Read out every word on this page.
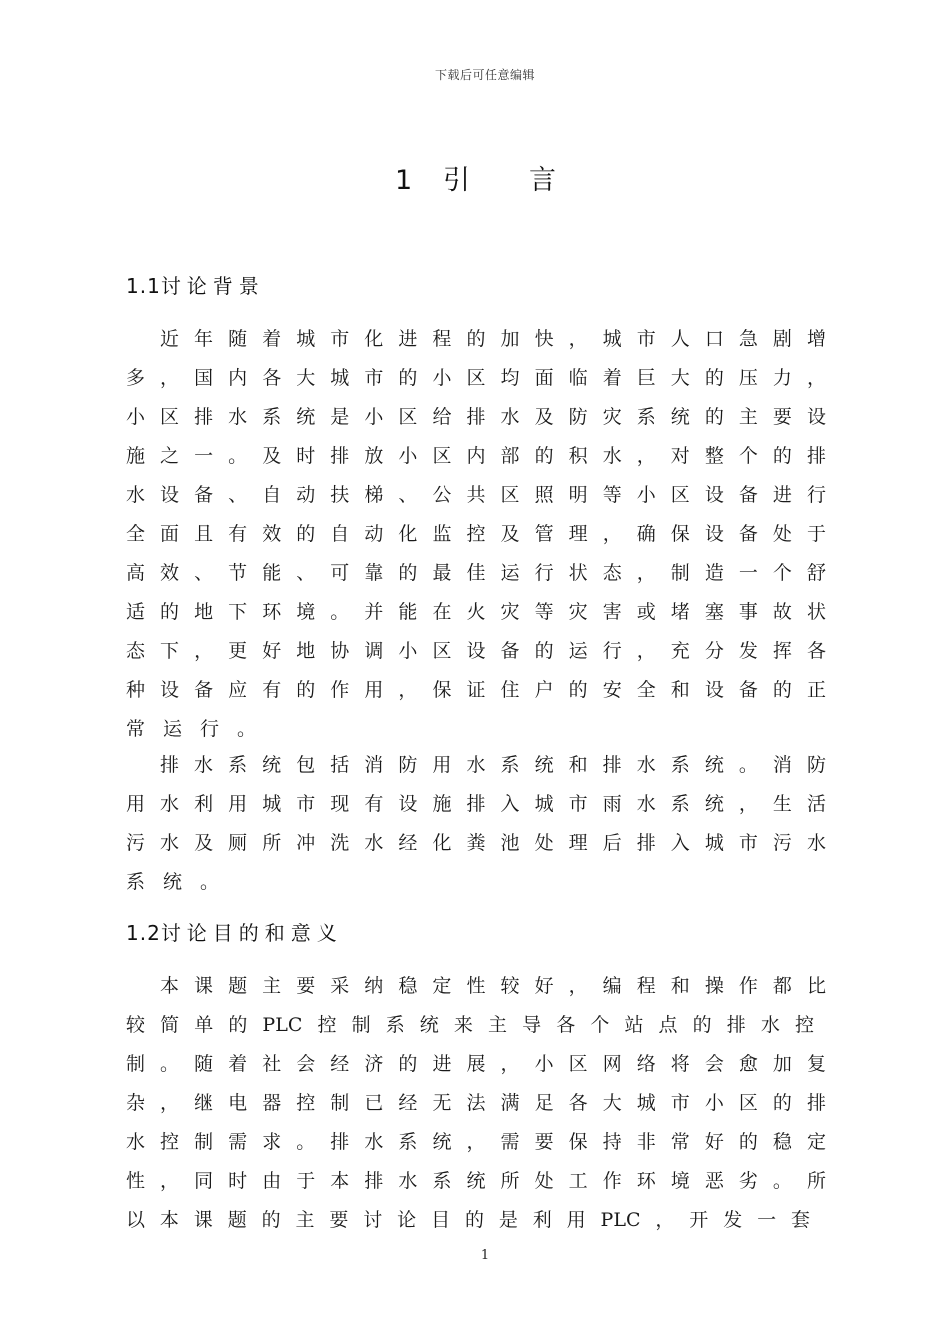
下载后可任意编辑
1 引 言
1.1讨论背景
近年随着城市化进程的加快，城市人口急剧增
多，国内各大城市的小区均面临着巨大的压力，
小区排水系统是小区给排水及防灾系统的主要设
施之一。及时排放小区内部的积水，对整个的排
水设备、自动扶梯、公共区照明等小区设备进行
全面且有效的自动化监控及管理，确保设备处于
高效、节能、可靠的最佳运行状态，制造一个舒
适的地下环境。并能在火灾等灾害或堵塞事故状
态下，更好地协调小区设备的运行，充分发挥各
种设备应有的作用，保证住户的安全和设备的正
常运行。
排水系统包括消防用水系统和排水系统。消防
用水利用城市现有设施排入城市雨水系统，生活
污水及厕所冲洗水经化粪池处理后排入城市污水
系统。
1.2讨论目的和意义
本课题主要采纳稳定性较好，编程和操作都比
较简单的PLC控制系统来主导各个站点的排水控
制。随着社会经济的进展，小区网络将会愈加复
杂，继电器控制已经无法满足各大城市小区的排
水控制需求。排水系统，需要保持非常好的稳定
性，同时由于本排水系统所处工作环境恶劣。所
以本课题的主要讨论目的是利用PLC，开发一套
1
